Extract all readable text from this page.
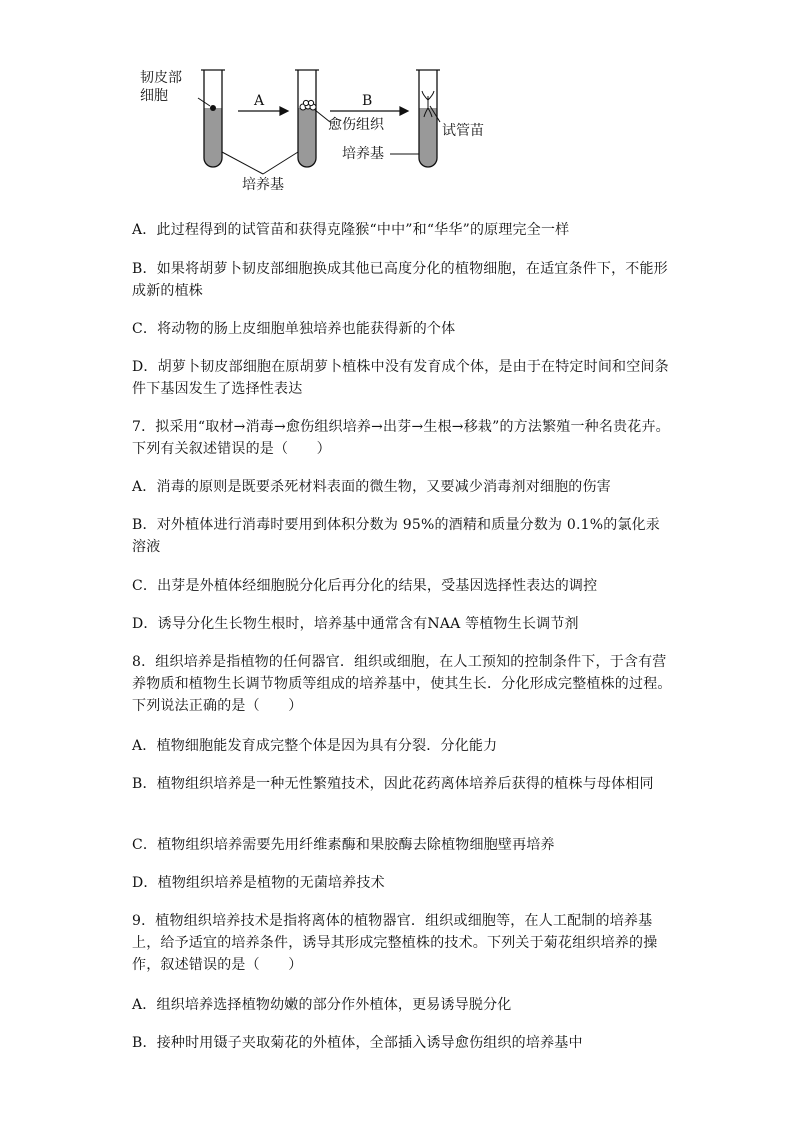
韧皮部
细胞	A	B
愈伤组织	试管苗
培养基
培养基
A．此过程得到的试管苗和获得克隆猴“中中”和“华华”的原理完全一样
B．如果将胡萝卜韧皮部细胞换成其他已高度分化的植物细胞，在适宜条件下，不能形成新的植株
C．将动物的肠上皮细胞单独培养也能获得新的个体
D．胡萝卜韧皮部细胞在原胡萝卜植株中没有发育成个体，是由于在特定时间和空间条件下基因发生了选择性表达
7．拟采用“取材→消毒→愈伤组织培养→出芽→生根→移栽”的方法繁殖一种名贵花卉。下列有关叙述错误的是（　　）
A．消毒的原则是既要杀死材料表面的微生物，又要减少消毒剂对细胞的伤害
B．对外植体进行消毒时要用到体积分数为 95%的酒精和质量分数为 0.1%的氯化汞溶液
C．出芽是外植体经细胞脱分化后再分化的结果，受基因选择性表达的调控
D．诱导分化生长物生根时，培养基中通常含有NAA 等植物生长调节剂
8．组织培养是指植物的任何器官．组织或细胞，在人工预知的控制条件下，于含有营养物质和植物生长调节物质等组成的培养基中，使其生长．分化形成完整植株的过程。下列说法正确的是（　　）
A．植物细胞能发育成完整个体是因为具有分裂．分化能力
B．植物组织培养是一种无性繁殖技术，因此花药离体培养后获得的植株与母体相同
C．植物组织培养需要先用纤维素酶和果胶酶去除植物细胞壁再培养
D．植物组织培养是植物的无菌培养技术
9．植物组织培养技术是指将离体的植物器官．组织或细胞等，在人工配制的培养基上，给予适宜的培养条件，诱导其形成完整植株的技术。下列关于菊花组织培养的操作，叙述错误的是（　　）
A．组织培养选择植物幼嫩的部分作外植体，更易诱导脱分化
B．接种时用镊子夹取菊花的外植体，全部插入诱导愈伤组织的培养基中
